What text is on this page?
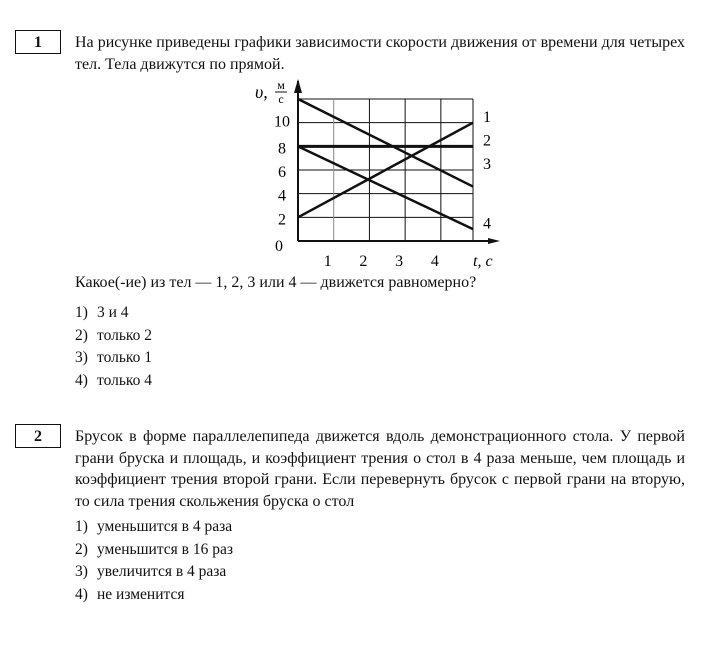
1	На рисунке приведены графики зависимости скорости движения от времени для четырех тел. Тела движутся по прямой.
1
2
3
4
2
4
6
8
10
0
1 2 3 4 t, с
υ, м
с
Какое(-ие) из тел — 1, 2, 3 или 4 — движется равномерно?
1) 3 и 4
2) только 2
3) только 1
4) только 4
2	Брусок в форме параллелепипеда движется вдоль демонстрационного стола. У первой грани бруска и площадь, и коэффициент трения о стол в 4 раза меньше, чем площадь и коэффициент трения второй грани. Если перевернуть брусок с первой грани на вторую, то сила трения скольжения бруска о стол
1) уменьшится в 4 раза
2) уменьшится в 16 раз
3) увеличится в 4 раза
4) не изменится
